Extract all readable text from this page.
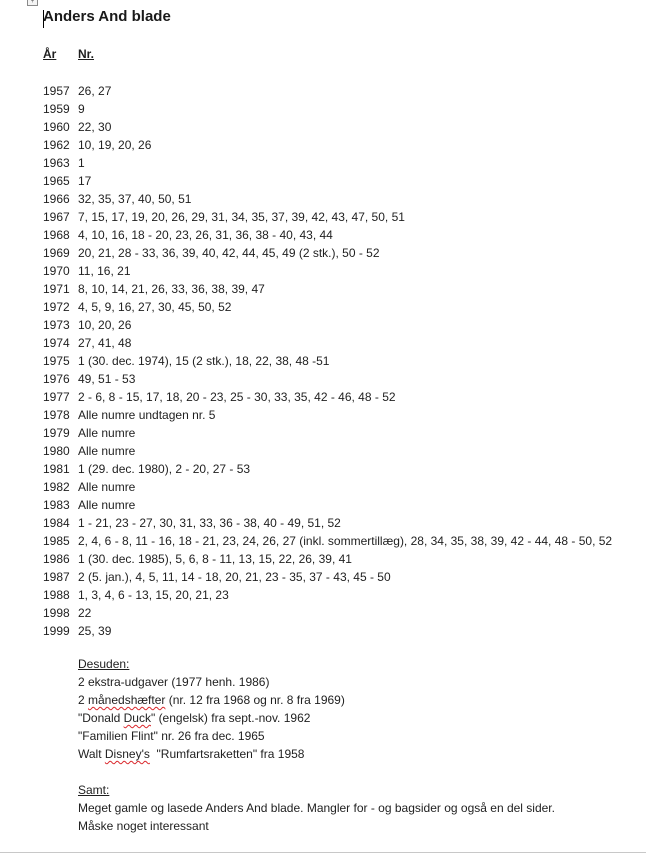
+
Anders And blade
År Nr.
1957 26, 27
1959 9
1960 22, 30
1962 10, 19, 20, 26
1963 1
1965 17
1966 32, 35, 37, 40, 50, 51
1967 7, 15, 17, 19, 20, 26, 29, 31, 34, 35, 37, 39, 42, 43, 47, 50, 51
1968 4, 10, 16, 18 - 20, 23, 26, 31, 36, 38 - 40, 43, 44
1969 20, 21, 28 - 33, 36, 39, 40, 42, 44, 45, 49 (2 stk.), 50 - 52
1970 11, 16, 21
1971 8, 10, 14, 21, 26, 33, 36, 38, 39, 47
1972 4, 5, 9, 16, 27, 30, 45, 50, 52
1973 10, 20, 26
1974 27, 41, 48
1975 1 (30. dec. 1974), 15 (2 stk.), 18, 22, 38, 48 -51
1976 49, 51 - 53
1977 2 - 6, 8 - 15, 17, 18, 20 - 23, 25 - 30, 33, 35, 42 - 46, 48 - 52
1978 Alle numre undtagen nr. 5
1979 Alle numre
1980 Alle numre
1981 1 (29. dec. 1980), 2 - 20, 27 - 53
1982 Alle numre
1983 Alle numre
1984 1 - 21, 23 - 27, 30, 31, 33, 36 - 38, 40 - 49, 51, 52
1985 2, 4, 6 - 8, 11 - 16, 18 - 21, 23, 24, 26, 27 (inkl. sommertillæg), 28, 34, 35, 38, 39, 42 - 44, 48 - 50, 52
1986 1 (30. dec. 1985), 5, 6, 8 - 11, 13, 15, 22, 26, 39, 41
1987 2 (5. jan.), 4, 5, 11, 14 - 18, 20, 21, 23 - 35, 37 - 43, 45 - 50
1988 1, 3, 4, 6 - 13, 15, 20, 21, 23
1998 22
1999 25, 39
Desuden:
2 ekstra-udgaver (1977 henh. 1986)
2 månedshæfter (nr. 12 fra 1968 og nr. 8 fra 1969)
"Donald Duck" (engelsk) fra sept.-nov. 1962
"Familien Flint" nr. 26 fra dec. 1965
Walt Disney's  "Rumfartsraketten" fra 1958
Samt:
Meget gamle og lasede Anders And blade. Mangler for - og bagsider og også en del sider.
Måske noget interessant
